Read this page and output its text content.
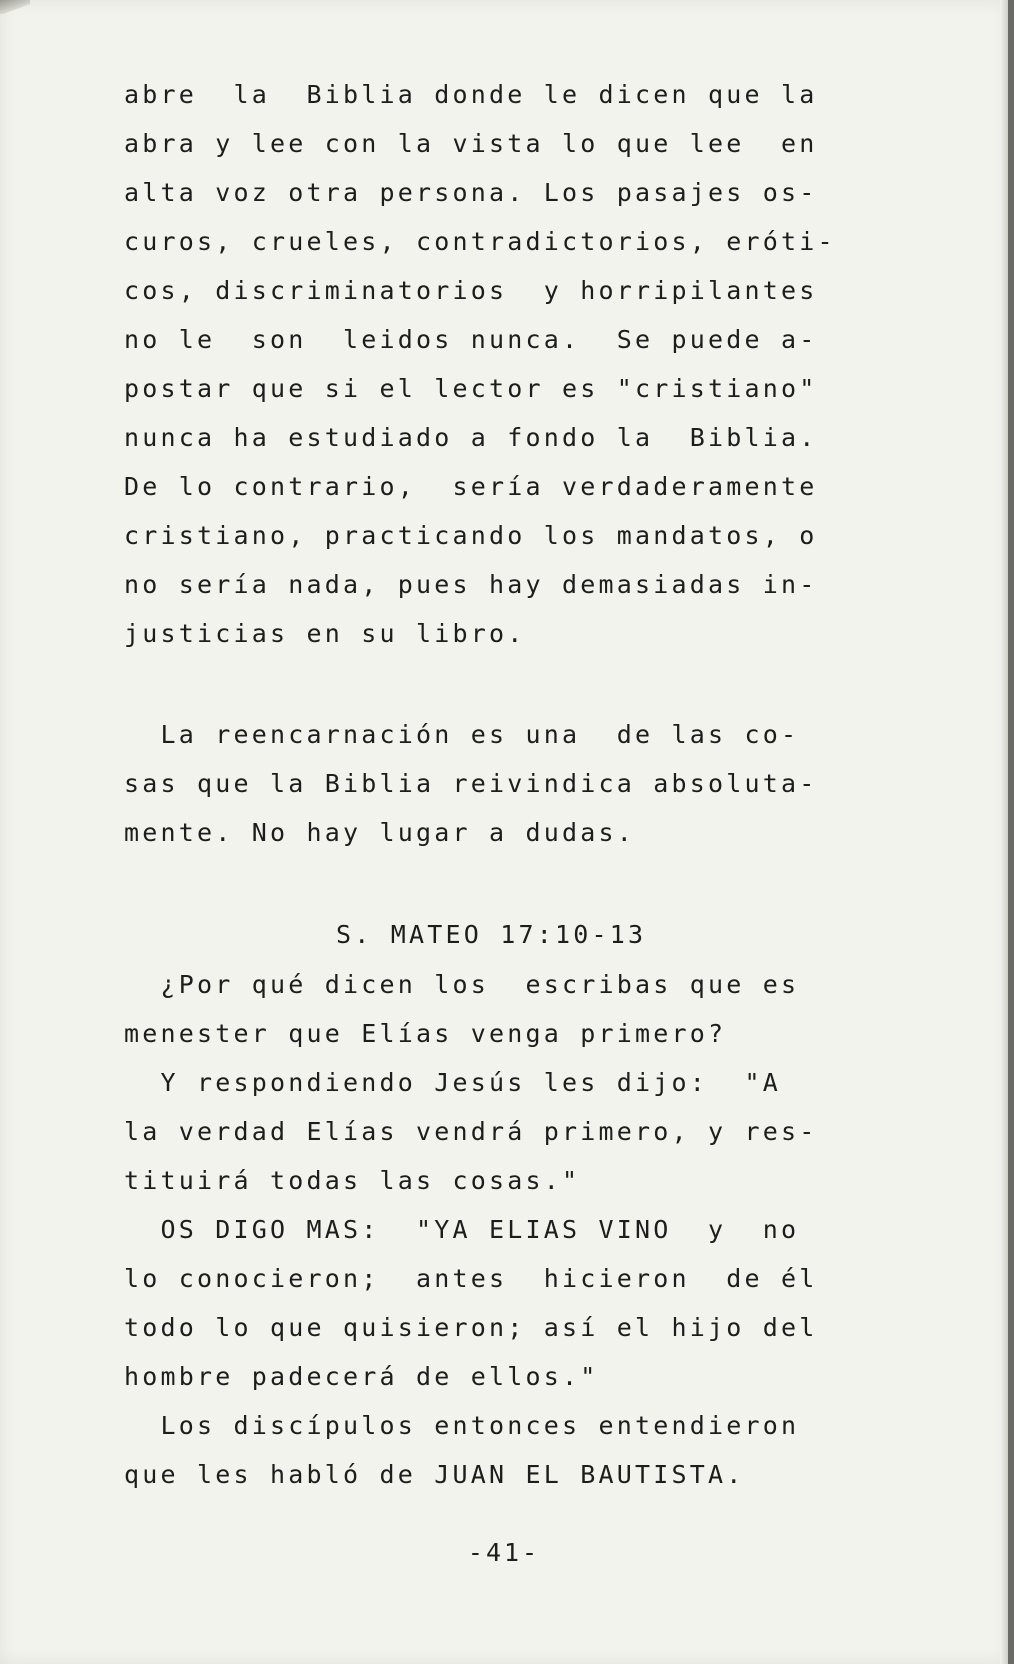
abre  la  Biblia donde le dicen que la
abra y lee con la vista lo que lee  en
alta voz otra persona. Los pasajes os-
curos, crueles, contradictorios, eróti-
cos, discriminatorios  y horripilantes
no le  son  leidos nunca.  Se puede a-
postar que si el lector es "cristiano"
nunca ha estudiado a fondo la  Biblia.
De lo contrario,  sería verdaderamente
cristiano, practicando los mandatos, o
no sería nada, pues hay demasiadas in-
justicias en su libro.
La reencarnación es una  de las co-
sas que la Biblia reivindica absoluta-
mente. No hay lugar a dudas.
S. MATEO 17:10-13
¿Por qué dicen los  escribas que es
menester que Elías venga primero?
Y respondiendo Jesús les dijo:  "A
la verdad Elías vendrá primero, y res-
tituirá todas las cosas."
OS DIGO MAS:  "YA ELIAS VINO  y  no
lo conocieron;  antes  hicieron  de él
todo lo que quisieron; así el hijo del
hombre padecerá de ellos."
Los discípulos entonces entendieron
que les habló de JUAN EL BAUTISTA.
-41-
